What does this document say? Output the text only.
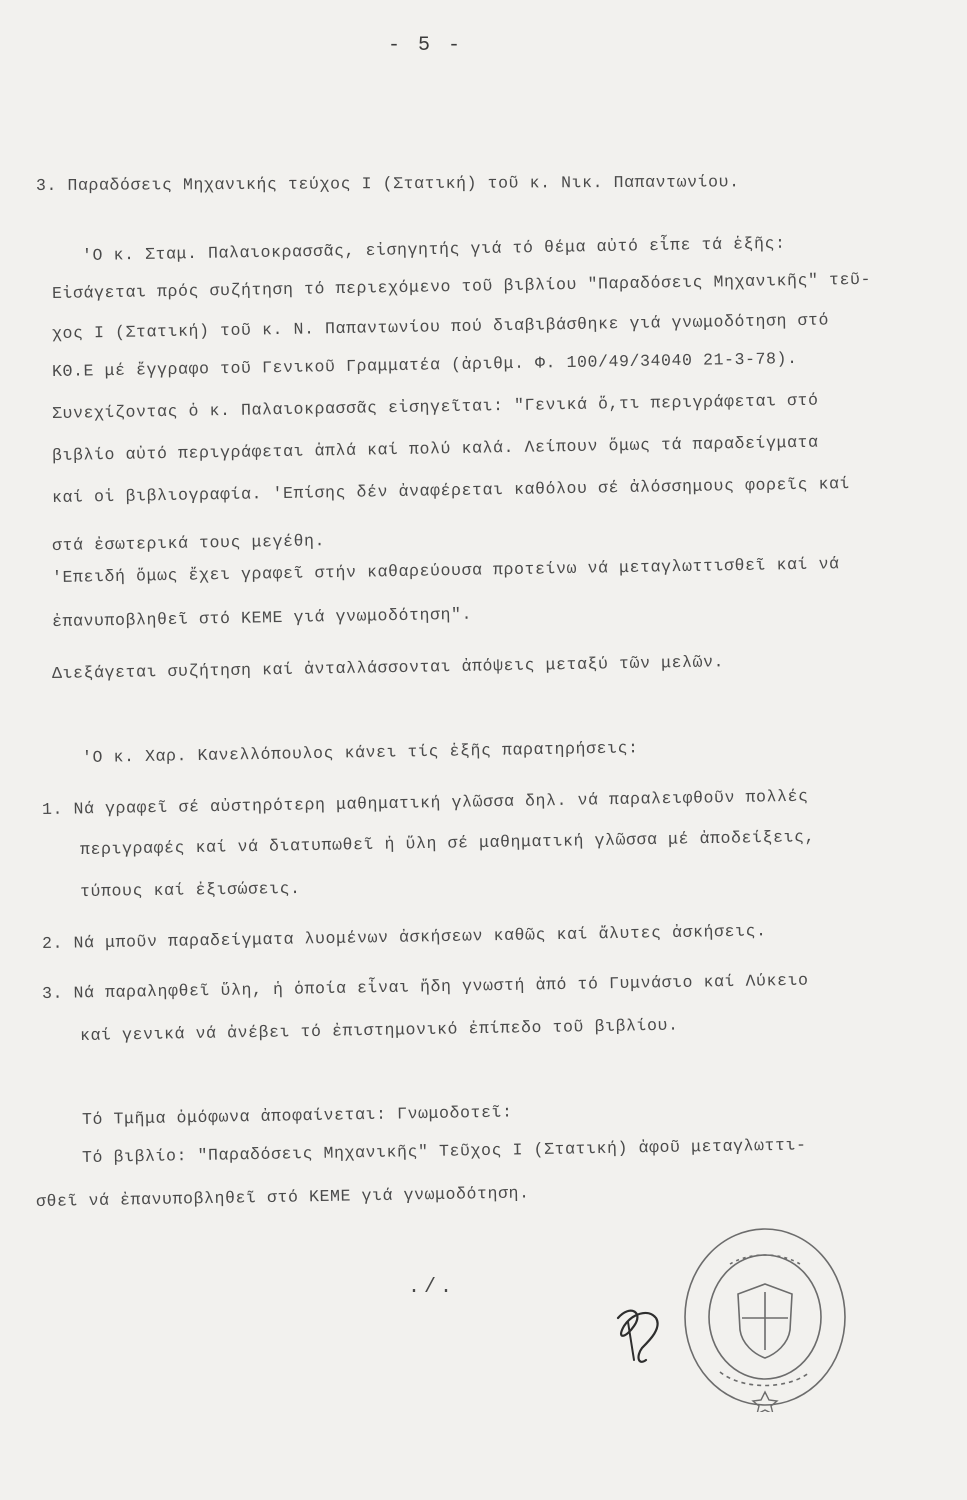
- 5 -
3. Παραδόσεις Μηχανικής τεύχος Ι (Στατική) τοῦ κ. Νικ. Παπαντωνίου.
'Ο κ. Σταμ. Παλαιοκρασσᾶς, εἰσηγητής γιά τό θέμα αὐτό εἶπε τά ἑξῆς:
Εἰσάγεται πρός συζήτηση τό περιεχόμενο τοῦ βιβλίου "Παραδόσεις Μηχανικῆς" τεῦ-
χος Ι (Στατική) τοῦ κ. Ν. Παπαντωνίου πού διαβιβάσθηκε γιά γνωμοδότηση στό
ΚΘ.Ε μέ ἔγγραφο τοῦ Γενικοῦ Γραμματέα (ἀριθμ. Φ. 100/49/34040 21-3-78).
Συνεχίζοντας ὁ κ. Παλαιοκρασσᾶς εἰσηγεῖται: "Γενικά ὅ,τι περιγράφεται στό
βιβλίο αὐτό περιγράφεται ἁπλά καί πολύ καλά. Λείπουν ὅμως τά παραδείγματα
καί οἱ βιβλιογραφία. 'Επίσης δέν ἀναφέρεται καθόλου σέ ἀλόσσημους φορεῖς καί
στά ἐσωτερικά τους μεγέθη.
'Επειδή ὅμως ἔχει γραφεῖ στήν καθαρεύουσα προτείνω νά μεταγλωττισθεῖ καί νά
ἐπανυποβληθεῖ στό ΚΕΜΕ γιά γνωμοδότηση".
Διεξάγεται συζήτηση καί ἀνταλλάσσονται ἀπόψεις μεταξύ τῶν μελῶν.
'Ο κ. Χαρ. Κανελλόπουλος κάνει τίς ἑξῆς παρατηρήσεις:
1. Νά γραφεῖ σέ αὐστηρότερη μαθηματική γλῶσσα δηλ. νά παραλειφθοῦν πολλές
περιγραφές καί νά διατυπωθεῖ ἡ ὕλη σέ μαθηματική γλῶσσα μέ ἀποδείξεις,
τύπους καί ἐξισώσεις.
2. Νά μποῦν παραδείγματα λυομένων ἀσκήσεων καθῶς καί ἄλυτες ἀσκήσεις.
3. Νά παραληφθεῖ ὕλη, ἡ ὁποία εἶναι ἤδη γνωστή ἀπό τό Γυμνάσιο καί Λύκειο
καί γενικά νά ἀνέβει τό ἐπιστημονικό ἐπίπεδο τοῦ βιβλίου.
Τό Τμῆμα ὁμόφωνα ἀποφαίνεται: Γνωμοδοτεῖ:
Τό βιβλίο: "Παραδόσεις Μηχανικῆς" Τεῦχος Ι (Στατική) ἀφοῦ μεταγλωττι-
σθεῖ νά ἐπανυποβληθεῖ στό ΚΕΜΕ γιά γνωμοδότηση.
./.
